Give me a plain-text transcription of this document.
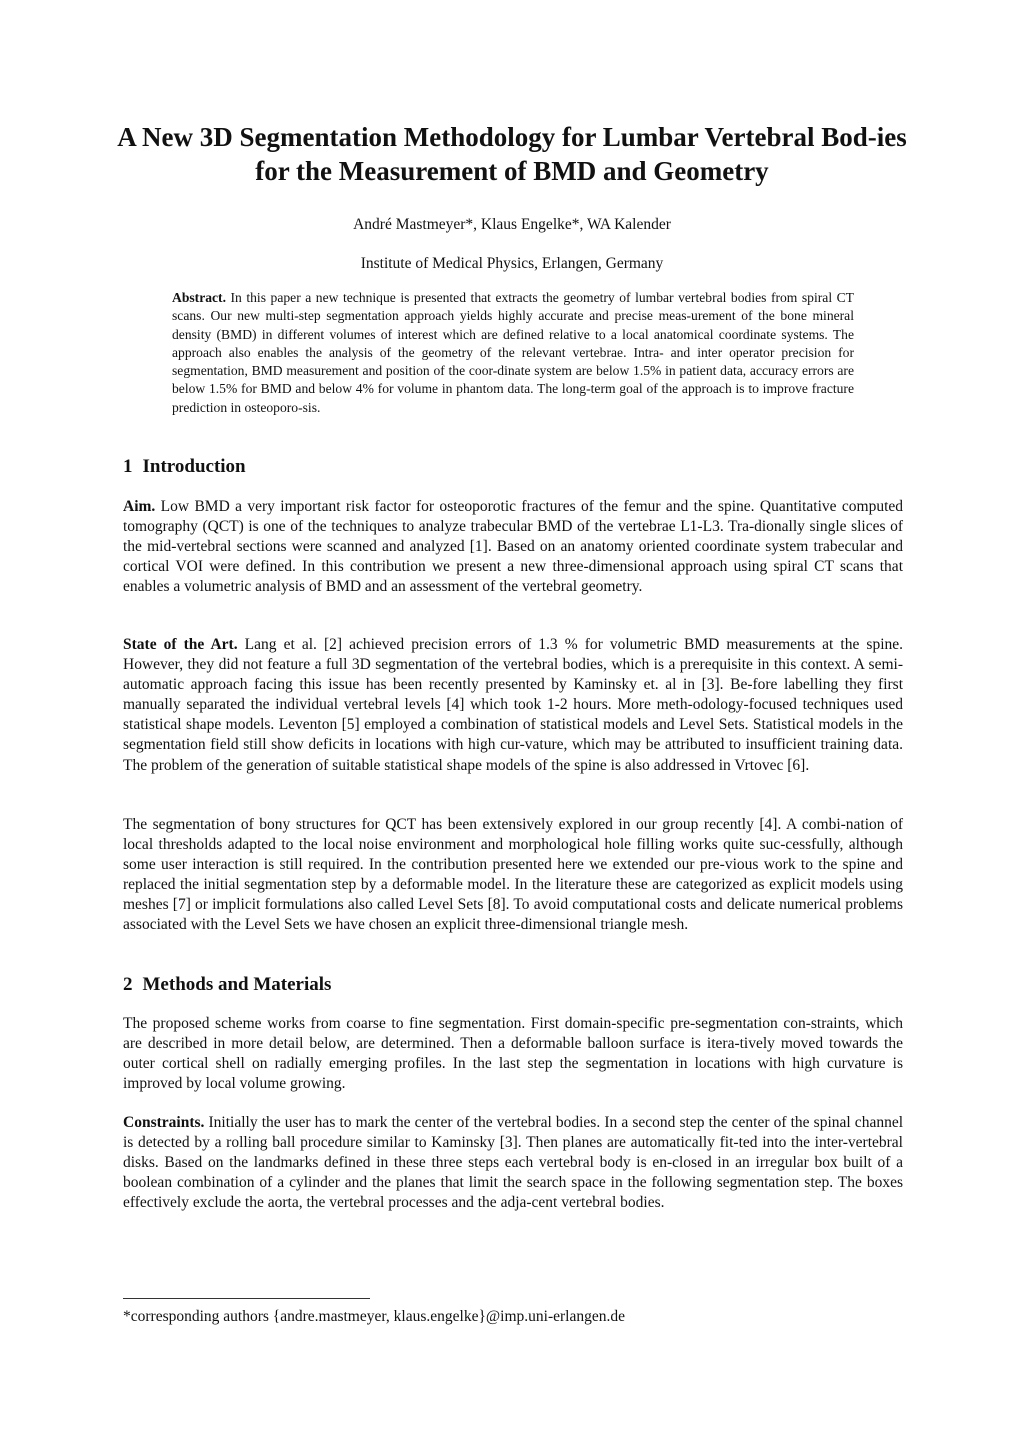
A New 3D Segmentation Methodology for Lumbar Vertebral Bod-ies for the Measurement of BMD and Geometry

André Mastmeyer*, Klaus Engelke*, WA Kalender

Institute of Medical Physics, Erlangen, Germany

Abstract. In this paper a new technique is presented that extracts the geometry of lumbar vertebral bodies from spiral CT scans. Our new multi-step segmentation approach yields highly accurate and precise meas-urement of the bone mineral density (BMD) in different volumes of interest which are defined relative to a local anatomical coordinate systems. The approach also enables the analysis of the geometry of the relevant vertebrae. Intra- and inter operator precision for segmentation, BMD measurement and position of the coor-dinate system are below 1.5% in patient data, accuracy errors are below 1.5% for BMD and below 4% for volume in phantom data. The long-term goal of the approach is to improve fracture prediction in osteoporo-sis.

1 Introduction

Aim. Low BMD a very important risk factor for osteoporotic fractures of the femur and the spine. Quantitative computed tomography (QCT) is one of the techniques to analyze trabecular BMD of the vertebrae L1-L3. Tra-dionally single slices of the mid-vertebral sections were scanned and analyzed [1]. Based on an anatomy oriented coordinate system trabecular and cortical VOI were defined. In this contribution we present a new three-dimensional approach using spiral CT scans that enables a volumetric analysis of BMD and an assessment of the vertebral geometry.

State of the Art. Lang et al. [2] achieved precision errors of 1.3 % for volumetric BMD measurements at the spine. However, they did not feature a full 3D segmentation of the vertebral bodies, which is a prerequisite in this context. A semi-automatic approach facing this issue has been recently presented by Kaminsky et. al in [3]. Be-fore labelling they first manually separated the individual vertebral levels [4] which took 1-2 hours. More meth-odology-focused techniques used statistical shape models. Leventon [5] employed a combination of statistical models and Level Sets. Statistical models in the segmentation field still show deficits in locations with high cur-vature, which may be attributed to insufficient training data. The problem of the generation of suitable statistical shape models of the spine is also addressed in Vrtovec [6].

The segmentation of bony structures for QCT has been extensively explored in our group recently [4]. A combi-nation of local thresholds adapted to the local noise environment and morphological hole filling works quite suc-cessfully, although some user interaction is still required. In the contribution presented here we extended our pre-vious work to the spine and replaced the initial segmentation step by a deformable model. In the literature these are categorized as explicit models using meshes [7] or implicit formulations also called Level Sets [8]. To avoid computational costs and delicate numerical problems associated with the Level Sets we have chosen an explicit three-dimensional triangle mesh.

2 Methods and Materials

The proposed scheme works from coarse to fine segmentation. First domain-specific pre-segmentation con-straints, which are described in more detail below, are determined. Then a deformable balloon surface is itera-tively moved towards the outer cortical shell on radially emerging profiles. In the last step the segmentation in locations with high curvature is improved by local volume growing.

Constraints. Initially the user has to mark the center of the vertebral bodies. In a second step the center of the spinal channel is detected by a rolling ball procedure similar to Kaminsky [3]. Then planes are automatically fit-ted into the inter-vertebral disks. Based on the landmarks defined in these three steps each vertebral body is en-closed in an irregular box built of a boolean combination of a cylinder and the planes that limit the search space in the following segmentation step. The boxes effectively exclude the aorta, the vertebral processes and the adja-cent vertebral bodies.

*corresponding authors {andre.mastmeyer, klaus.engelke}@imp.uni-erlangen.de
